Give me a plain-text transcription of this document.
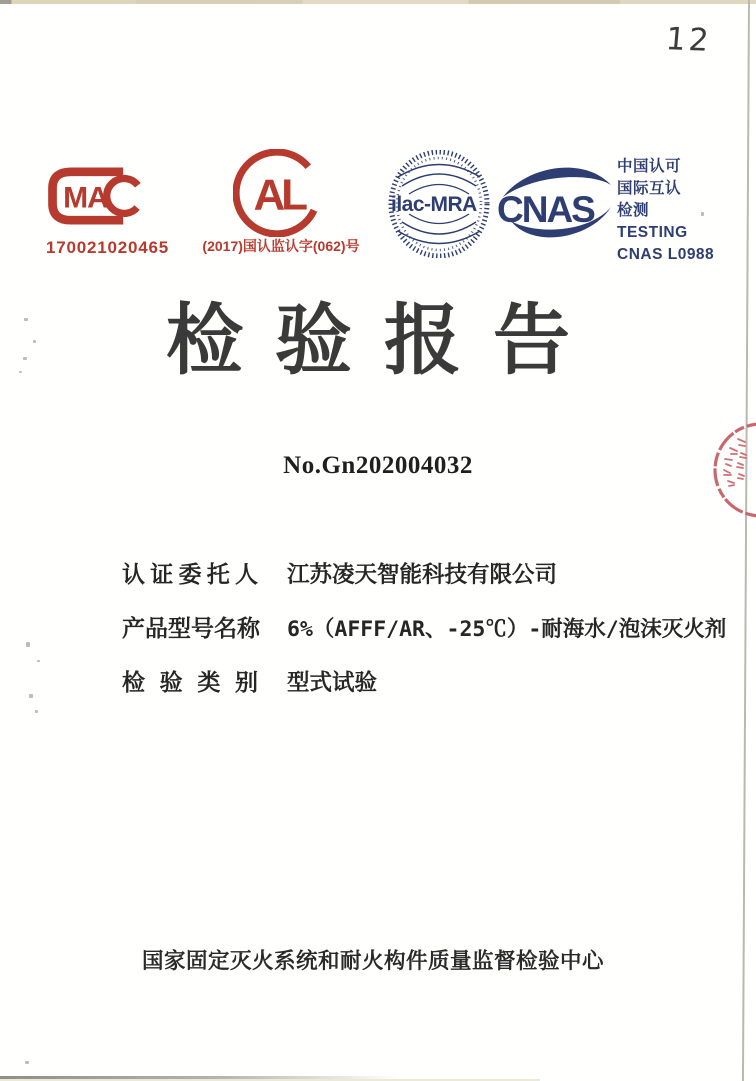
12
MA
170021020465
AL
(2017)国认监认字(062)号
ilac-MRA CNAS
中国认可
国际互认
检测
TESTING
CNAS L0988
检 验 报 告
No.Gn202004032
认证委托人 江苏凌天智能科技有限公司
产品型号名称 6%（AFFF/AR、-25℃）-耐海水/泡沫灭火剂
检验类别 型式试验
国家固定灭火系统和耐火构件质量监督检验中心
